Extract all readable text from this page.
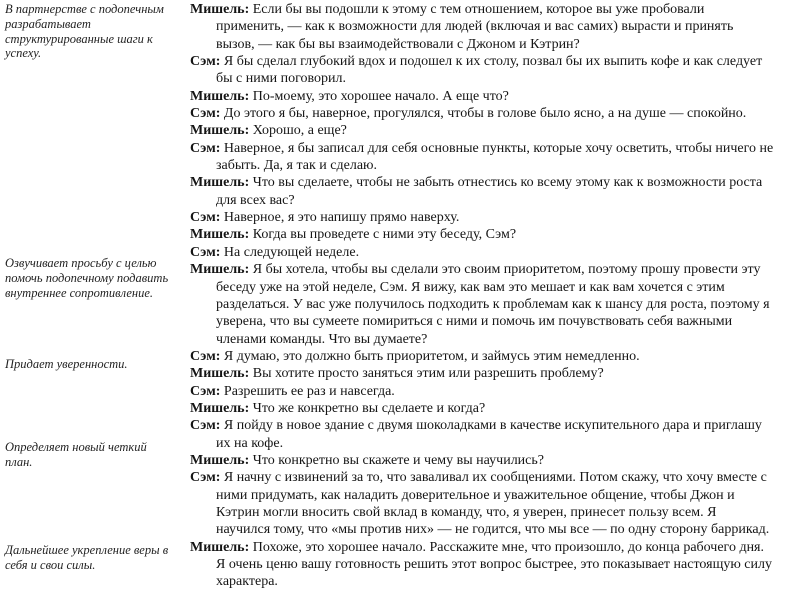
В партнерстве с подопечным разрабатывает структурированные шаги к успеху.

Озвучивает просьбу с целью помочь подопечному подавить внутреннее сопротивление.

Придает уверенности.

Определяет новый четкий план.

Дальнейшее укрепление веры в себя и свои силы.

Мишель: Если бы вы подошли к этому с тем отношением, которое вы уже пробовали применить, — как к возможности для людей (включая и вас самих) вырасти и принять вызов, — как бы вы взаимодействовали с Джоном и Кэтрин?

Сэм: Я бы сделал глубокий вдох и подошел к их столу, позвал бы их выпить кофе и как следует бы с ними поговорил.

Мишель: По-моему, это хорошее начало. А еще что?

Сэм: До этого я бы, наверное, прогулялся, чтобы в голове было ясно, а на душе — спокойно.

Мишель: Хорошо, а еще?

Сэм: Наверное, я бы записал для себя основные пункты, которые хочу осветить, чтобы ничего не забыть. Да, я так и сделаю.

Мишель: Что вы сделаете, чтобы не забыть отнестись ко всему этому как к возможности роста для всех вас?

Сэм: Наверное, я это напишу прямо наверху.

Мишель: Когда вы проведете с ними эту беседу, Сэм?

Сэм: На следующей неделе.

Мишель: Я бы хотела, чтобы вы сделали это своим приоритетом, поэтому прошу провести эту беседу уже на этой неделе, Сэм. Я вижу, как вам это мешает и как вам хочется с этим разделаться. У вас уже получилось подходить к проблемам как к шансу для роста, поэтому я уверена, что вы сумеете помириться с ними и помочь им почувствовать себя важными членами команды. Что вы думаете?

Сэм: Я думаю, это должно быть приоритетом, и займусь этим немедленно.

Мишель: Вы хотите просто заняться этим или разрешить проблему?

Сэм: Разрешить ее раз и навсегда.

Мишель: Что же конкретно вы сделаете и когда?

Сэм: Я пойду в новое здание с двумя шоколадками в качестве искупительного дара и приглашу их на кофе.

Мишель: Что конкретно вы скажете и чему вы научились?

Сэм: Я начну с извинений за то, что заваливал их сообщениями. Потом скажу, что хочу вместе с ними придумать, как наладить доверительное и уважительное общение, чтобы Джон и Кэтрин могли вносить свой вклад в команду, что, я уверен, принесет пользу всем. Я научился тому, что «мы против них» — не годится, что мы все — по одну сторону баррикад.

Мишель: Похоже, это хорошее начало. Расскажите мне, что произошло, до конца рабочего дня. Я очень ценю вашу готовность решить этот вопрос быстрее, это показывает настоящую силу характера.
